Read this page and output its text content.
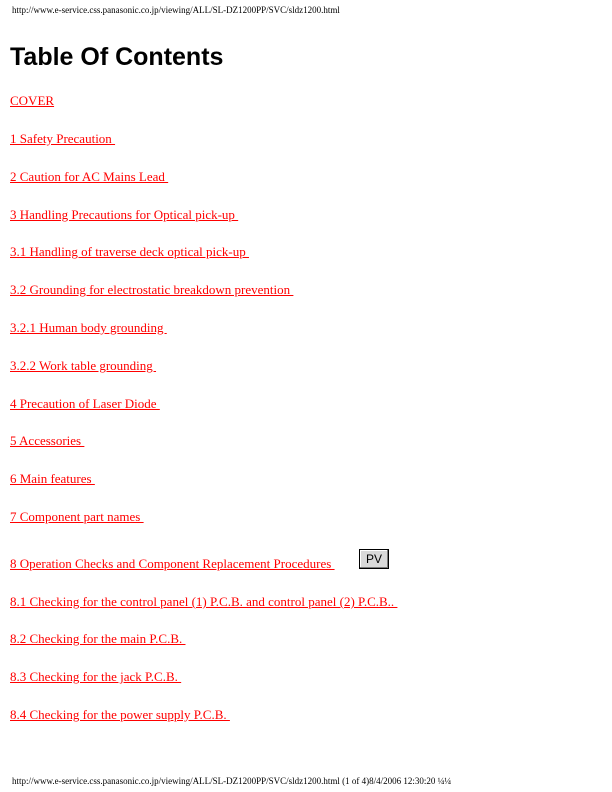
http://www.e-service.css.panasonic.co.jp/viewing/ALL/SL-DZ1200PP/SVC/sldz1200.html
Table Of Contents
COVER
1 Safety Precaution
2 Caution for AC Mains Lead
3 Handling Precautions for Optical pick-up
3.1 Handling of traverse deck optical pick-up
3.2 Grounding for electrostatic breakdown prevention
3.2.1 Human body grounding
3.2.2 Work table grounding
4 Precaution of Laser Diode
5 Accessories
6 Main features
7 Component part names
8 Operation Checks and Component Replacement Procedures	PV
8.1 Checking for the control panel (1) P.C.B. and control panel (2) P.C.B..
8.2 Checking for the main P.C.B.
8.3 Checking for the jack P.C.B.
8.4 Checking for the power supply P.C.B.
http://www.e-service.css.panasonic.co.jp/viewing/ALL/SL-DZ1200PP/SVC/sldz1200.html (1 of 4)8/4/2006 12:30:20 ¼¼
